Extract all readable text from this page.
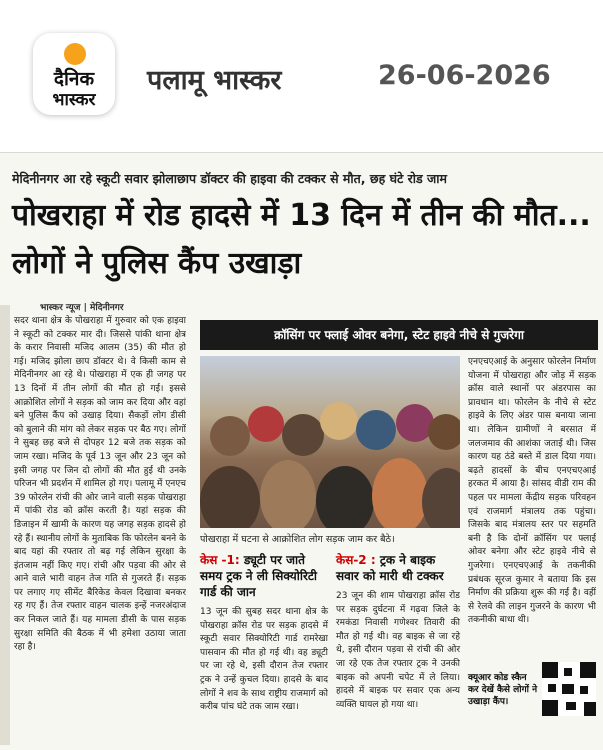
दैनिक
भास्कर
पलामू भास्कर	26-06-2026
मेदिनीनगर आ रहे स्कूटी सवार झोलाछाप डॉक्टर की हाइवा की टक्कर से मौत, छह घंटे रोड जाम
पोखराहा में रोड हादसे में 13 दिन में तीन की मौत... लोगों ने पुलिस कैंप उखाड़ा
भास्कर न्यूज | मेदिनीनगर
सदर थाना क्षेत्र के पोखराहा में गुरुवार को एक हाइवा ने स्कूटी को टक्कर मार दी। जिससे पांकी थाना क्षेत्र के करार निवासी मजिद आलम (35) की मौत हो गई। मजिद झोला छाप डॉक्टर थे। वे किसी काम से मेदिनीनगर आ रहे थे। पोखराहा में एक ही जगह पर 13 दिनों में तीन लोगों की मौत हो गई। इससे आक्रोशित लोगों ने सड़क को जाम कर दिया और वहां बने पुलिस कैंप को उखाड़ दिया। सैकड़ों लोग डीसी को बुलाने की मांग को लेकर सड़क पर बैठ गए। लोगों ने सुबह छह बजे से दोपहर 12 बजे तक सड़क को जाम रखा। मजिद के पूर्व 13 जून और 23 जून को इसी जगह पर जिन दो लोगों की मौत हुई थी उनके परिजन भी प्रदर्शन में शामिल हो गए। पलामू में एनएच 39 फोरलेन रांची की ओर जाने वाली सड़क पोखराहा में पांकी रोड को क्रॉस करती है। यहां सड़क की डिजाइन में खामी के कारण यह जगह सड़क हादसे हो रहे हैं। स्थानीय लोगों के मुताबिक कि फोरलेन बनने के बाद यहां की रफ्तार तो बढ़ गई लेकिन सुरक्षा के इंतजाम नहीं किए गए। रांची और पड़वा की ओर से आने वाले भारी वाहन तेज गति से गुजरते हैं। सड़क पर लगाए गए सीमेंट बैरिकेड केवल दिखावा बनकर रह गए हैं। तेज रफ्तार वाहन चालक इन्हें नजरअंदाज कर निकल जाते हैं। यह मामला डीसी के पास सड़क सुरक्षा समिति की बैठक में भी हमेशा उठाया जाता रहा है।
क्रॉसिंग पर फ्लाई ओवर बनेगा, स्टेट हाइवे नीचे से गुजरेगा
पोखराहा में घटना से आक्रोशित लोग सड़क जाम कर बैठे।
एनएचएआई के अनुसार फोरलेन निर्माण योजना में पोखराहा और जोड़ में सड़क क्रॉस वाले स्थानों पर अंडरपास का प्रावधान था। फोरलेन के नीचे से स्टेट हाइवे के लिए अंडर पास बनाया जाना था। लेकिन ग्रामीणों ने बरसात में जलजमाव की आशंका जताई थी। जिस कारण यह ठंडे बस्ते में डाल दिया गया। बढ़ते हादसों के बीच एनएचएआई हरकत में आया है। सांसद वीडी राम की पहल पर मामला केंद्रीय सड़क परिवहन एवं राजमार्ग मंत्रालय तक पहुंचा। जिसके बाद मंत्रालय स्तर पर सहमति बनी है कि दोनों क्रॉसिंग पर फ्लाई ओवर बनेगा और स्टेट हाइवे नीचे से गुजरेगा। एनएचएआई के तकनीकी प्रबंधक सूरज कुमार ने बताया कि इस निर्माण की प्रक्रिया शुरू की गई है। वहीं से रेलवे की लाइन गुजरने के कारण भी तकनीकी बाधा थी।
केस -1: ड्यूटी पर जाते समय ट्रक ने ली सिक्योरिटी गार्ड की जान
13 जून की सुबह सदर थाना क्षेत्र के पोखराहा क्रॉस रोड पर सड़क हादसे में स्कूटी सवार सिक्योरिटी गार्ड रामरेखा पासवान की मौत हो गई थी। वह ड्यूटी पर जा रहे थे, इसी दौरान तेज रफ्तार ट्रक ने उन्हें कुचल दिया। हादसे के बाद लोगों ने शव के साथ राष्ट्रीय राजमार्ग को करीब पांच घंटे तक जाम रखा।
केस-2 : ट्रक ने बाइक सवार को मारी थी टक्कर
23 जून की शाम पोखराहा क्रॉस रोड पर सड़क दुर्घटना में गढ़वा जिले के रमकंडा निवासी गणेश्वर तिवारी की मौत हो गई थी। वह बाइक से जा रहे थे, इसी दौरान पड़वा से रांची की ओर जा रहे एक तेज रफ्तार ट्रक ने उनकी बाइक को अपनी चपेट में ले लिया। हादसे में बाइक पर सवार एक अन्य व्यक्ति घायल हो गया था।
क्यूआर कोड स्कैन कर देखें कैसे लोगों ने उखाड़ा कैंप।
